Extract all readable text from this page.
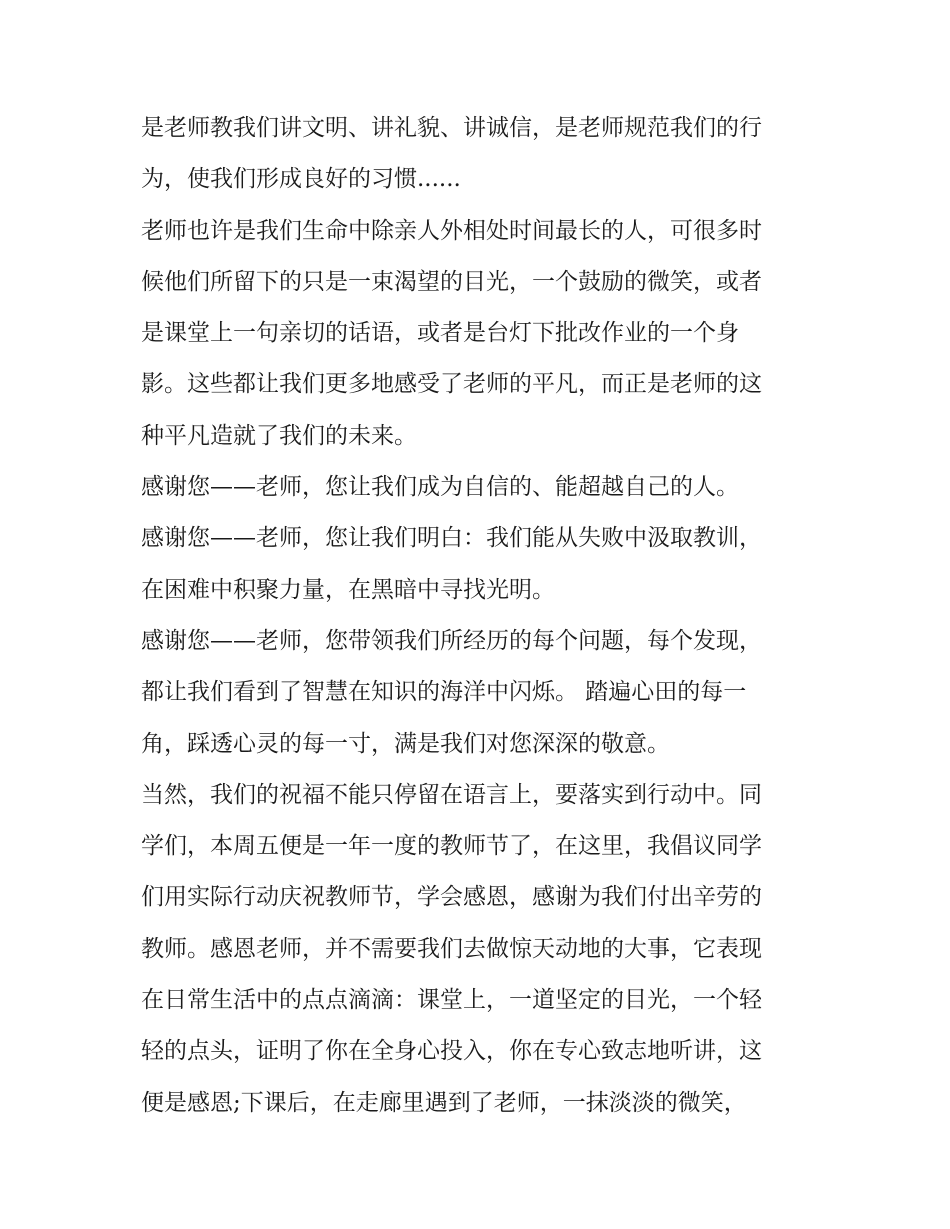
是老师教我们讲文明、讲礼貌、讲诚信，是老师规范我们的行
为，使我们形成良好的习惯......
老师也许是我们生命中除亲人外相处时间最长的人，可很多时
候他们所留下的只是一束渴望的目光，一个鼓励的微笑，或者
是课堂上一句亲切的话语，或者是台灯下批改作业的一个身
影。这些都让我们更多地感受了老师的平凡，而正是老师的这
种平凡造就了我们的未来。
感谢您——老师，您让我们成为自信的、能超越自己的人。
感谢您——老师，您让我们明白：我们能从失败中汲取教训，
在困难中积聚力量，在黑暗中寻找光明。
感谢您——老师，您带领我们所经历的每个问题，每个发现，
都让我们看到了智慧在知识的海洋中闪烁。 踏遍心田的每一
角，踩透心灵的每一寸，满是我们对您深深的敬意。
当然，我们的祝福不能只停留在语言上，要落实到行动中。同
学们，本周五便是一年一度的教师节了，在这里，我倡议同学
们用实际行动庆祝教师节，学会感恩，感谢为我们付出辛劳的
教师。感恩老师，并不需要我们去做惊天动地的大事，它表现
在日常生活中的点点滴滴：课堂上，一道坚定的目光，一个轻
轻的点头，证明了你在全身心投入，你在专心致志地听讲，这
便是感恩;下课后，在走廊里遇到了老师，一抹淡淡的微笑，
